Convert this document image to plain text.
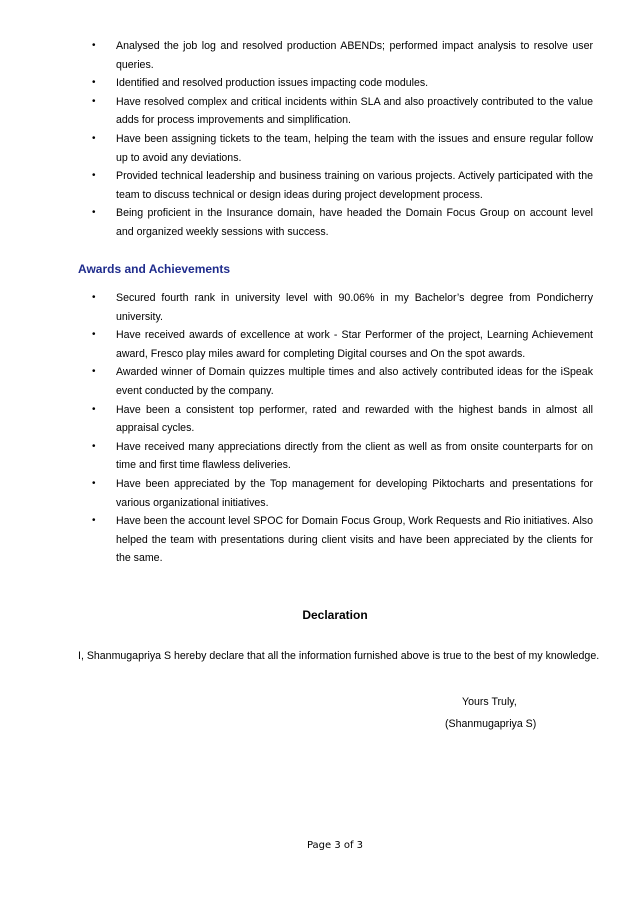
•	Analysed the job log and resolved production ABENDs; performed impact analysis to resolve user queries.
•	Identified and resolved production issues impacting code modules.
•	Have resolved complex and critical incidents within SLA and also proactively contributed to the value adds for process improvements and simplification.
•	Have been assigning tickets to the team, helping the team with the issues and ensure regular follow up to avoid any deviations.
•	Provided technical leadership and business training on various projects. Actively participated with the team to discuss technical or design ideas during project development process.
•	Being proficient in the Insurance domain, have headed the Domain Focus Group on account level and organized weekly sessions with success.
Awards and Achievements
•	Secured fourth rank in university level with 90.06% in my Bachelor’s degree from Pondicherry university.
•	Have received awards of excellence at work - Star Performer of the project, Learning Achievement award, Fresco play miles award for completing Digital courses and On the spot awards.
•	Awarded winner of Domain quizzes multiple times and also actively contributed ideas for the iSpeak event conducted by the company.
•	Have been a consistent top performer, rated and rewarded with the highest bands in almost all appraisal cycles.
•	Have received many appreciations directly from the client as well as from onsite counterparts for on time and first time flawless deliveries.
•	Have been appreciated by the Top management for developing Piktocharts and presentations for various organizational initiatives.
•	Have been the account level SPOC for Domain Focus Group, Work Requests and Rio initiatives. Also helped the team with presentations during client visits and have been appreciated by the clients for the same.
Declaration
I, Shanmugapriya S hereby declare that all the information furnished above is true to the best of my knowledge.
Yours Truly,
(Shanmugapriya S)
Page 3 of 3
